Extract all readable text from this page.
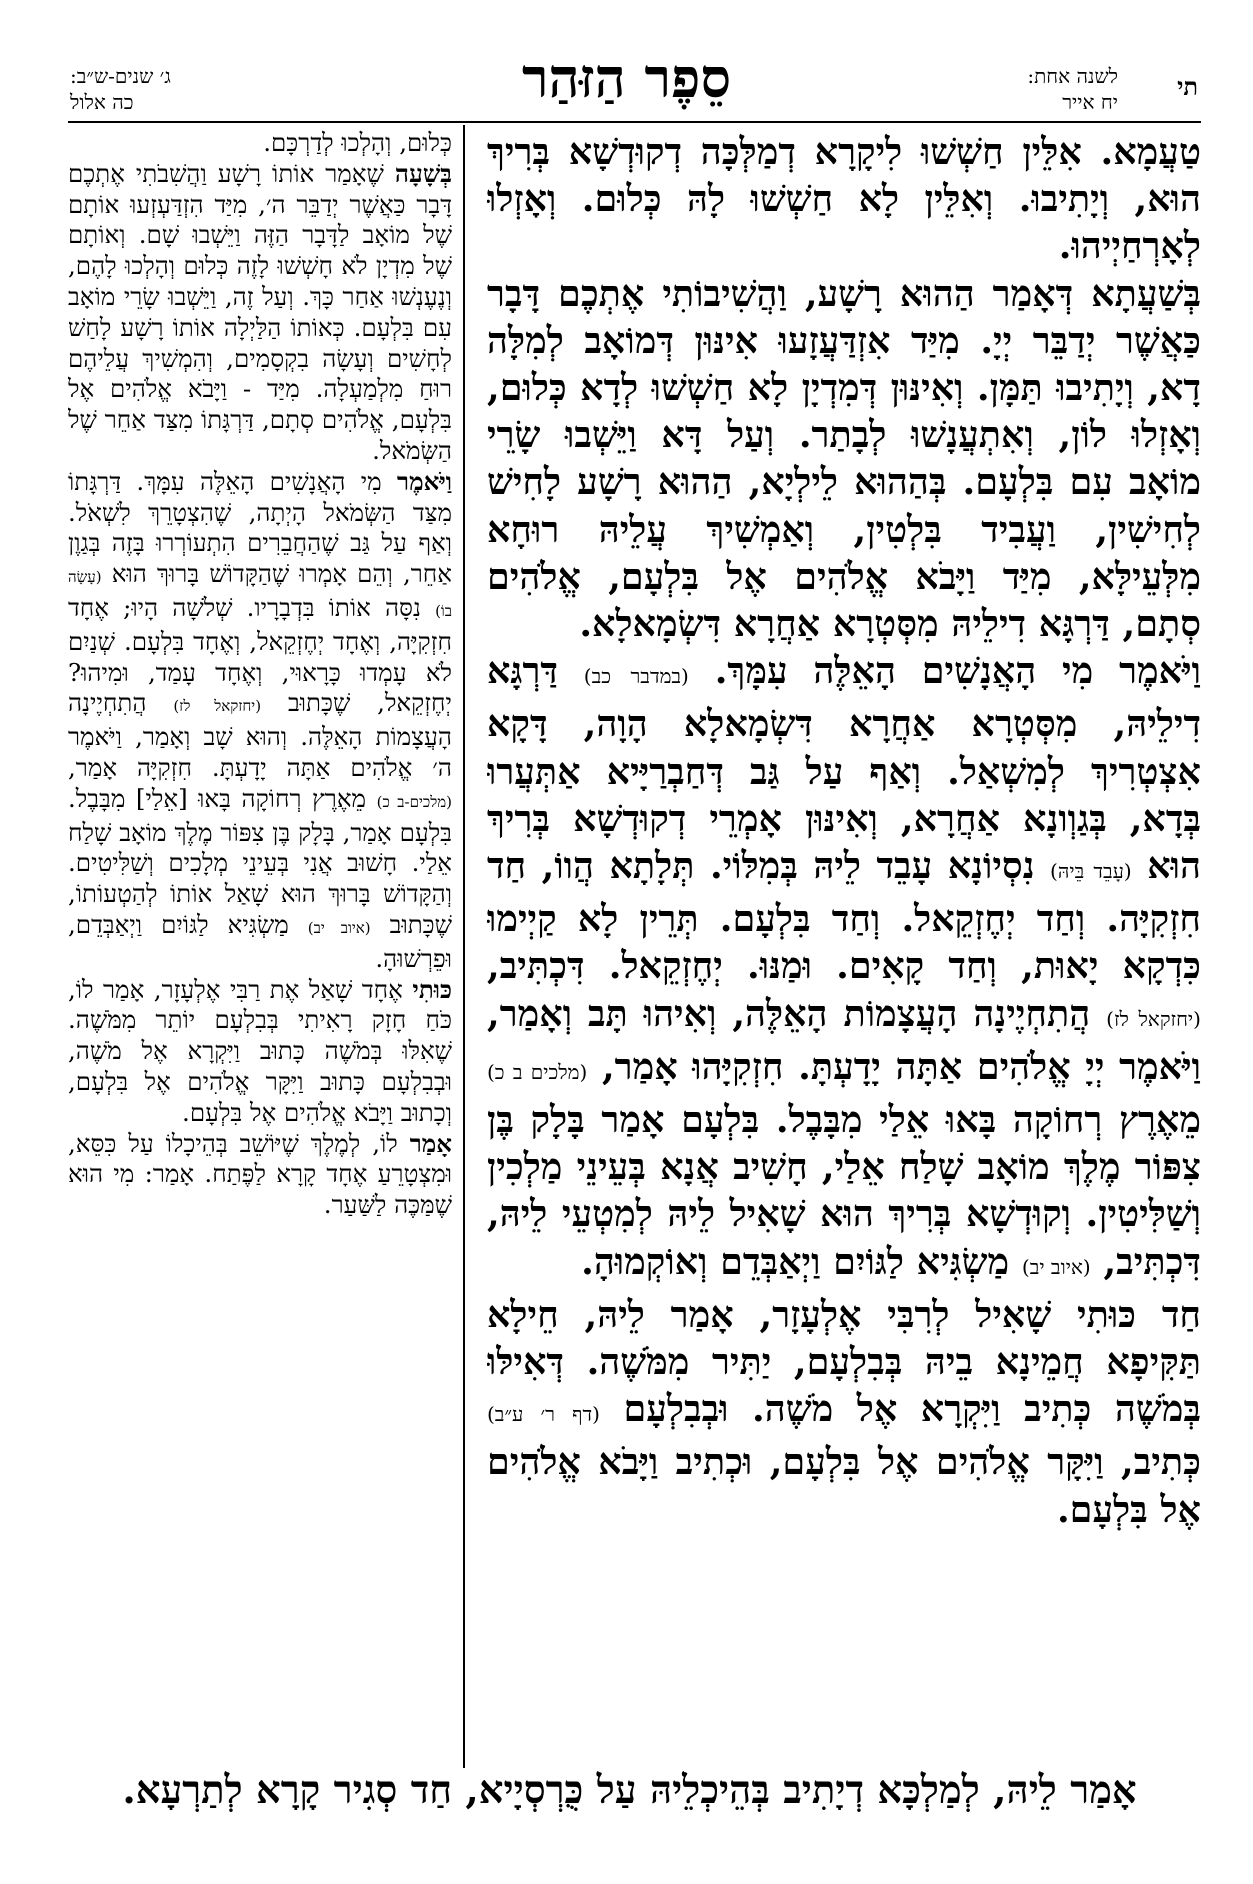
תי
לשנה אחת:
יח אייר
סֵפֶר הַזּהַר
ג׳ שנים-ש״ב:
כה אלול

טַעֲמָא. אִלֵּין חַשְׁשׁוּ לִיקָרָא דְמַלְּכָּה דְקוּדְשָׁא בְּרִיךְ הוּא, וְיָתִיבוּ. וְאִלֵּין לָא חַשְׁשׁוּ לָהּ כְּלוּם. וְאָזְלוּ לְאָרְחַיְיהוּ.

בְּשַׁעֲתָא דְּאָמַר הַהוּא רָשָׁע, וַהֲשִׁיבוֹתִי אֶתְכֶם דָּבָר כַּאֲשֶׁר יְדַבֵּר יְיָ. מִיַּד אִזְדַּעֲזָעוּ אִינּוּן דְּמוֹאָב לְמִלָּה דָא, וְיָתִיבוּ תַּמָּן. וְאִינּוּן דְּמִדְיָן לָא חַשְׁשׁוּ לְדָא כְּלוּם, וְאָזְלוּ לוֹן, וְאִתְעֲנָשׁוּ לְבָתַר. וְעַל דָּא וַיֵּשְׁבוּ שָׂרֵי מוֹאָב עִם בִּלְעָם. בְּהַהוּא לֵילְיָא, הַהוּא רָשָׁע לָחִישׁ לְחִישִׁין, וַעֲבִיד בִּלְטִין, וְאַמְשִׁיךְ עֲלֵיהּ רוּחָא מִלְּעֵילָּא, מִיַּד וַיָּבֹא אֱלֹהִים אֶל בִּלְעָם, אֱלֹהִים סְתָם, דַּרְגָּא דִילֵיהּ מִסְּטְרָא אַחֲרָא דִּשְׂמָאלָא.

וַיֹּאמֶר מִי הָאֲנָשִׁים הָאֵלֶּה עִמָּךְ. (במדבר כב) דַּרְגָּא דִילֵיהּ, מִסְּטְרָא אַחֲרָא דִּשְׂמָאלָא הָוָה, דָּקָא אִצְטְרִיךְ לְמִשְׁאַל. וְאַף עַל גַּב דְּחַבְרַיָּיא אַתְּעֲרוּ בְּדָא, בְּגַוְונָא אַחֲרָא, וְאִינּוּן אָמְרֵי דְקוּדְשָׁא בְּרִיךְ הוּא (עָבֵד בֵּיהּ) נִסְיוֹנָא עָבֵד לֵיהּ בְּמִלּוֹי. תְּלָתָא הֲווֹ, חַד חִזְקִיָּה. וְחַד יְחֶזְקֵאל. וְחַד בִּלְעָם. תְּרֵין לָא קַיְימוּ כִּדְקָא יָאוּת, וְחַד קָאִים. וּמַנּוּ. יְחֶזְקֵאל. דִּכְתִּיב, (יחזקאל לז) הֲתִחְיֶינָה הָעֲצָמוֹת הָאֵלֶּה, וְאִיהוּ תָּב וְאָמַר, וַיֹּאמֶר יְיָ אֱלֹהִים אַתָּה יָדָעְתָּ. חִזְקִיָּהוּ אָמַר, (מלכים ב כ) מֵאֶרֶץ רְחוֹקָה בָּאוּ אֵלַי מִבָּבֶל. בִּלְעָם אָמַר בָּלָק בֶּן צִפּוֹר מֶלֶךְ מוֹאָב שָׁלַח אֵלַי, חָשִׁיב אֲנָא בְּעֵינֵי מַלְכִין וְשַׁלִּיטִין. וְקוּדְשָׁא בְּרִיךְ הוּא שָׁאִיל לֵיהּ לְמִטְעֵי לֵיהּ, דִּכְתִּיב, (איוב יב) מַשְׂגִּיא לַגּוֹיִם וַיְאַבְּדֵם וְאוֹקְמוּהָ.

חַד כּוּתִי שָׁאִיל לְרִבִּי אֶלְעָזָר, אָמַר לֵיהּ, חֵילָא תַּקִּיפָא חֲמֵינָא בֵיהּ בְּבִלְעָם, יַתִּיר מִמֹּשֶׁה. דְּאִילּוּ בְּמֹשֶׁה כְּתִיב וַיִּקְרָא אֶל מֹשֶׁה. וּבְבִלְעָם (דף ר׳ ע״ב) כְּתִיב, וַיִּקָּר אֱלֹהִים אֶל בִּלְעָם, וּכְתִיב וַיָּבֹא אֱלֹהִים אֶל בִּלְעָם.

כְּלוּם, וְהָלְכוּ לְדַרְכָּם.

בְּשָׁעָה שֶׁאָמַר אוֹתוֹ רָשָׁע וַהֲשִׁבֹתִי אֶתְכֶם דָּבָר כַּאֲשֶׁר יְדַבֵּר ה׳, מִיַּד הִזְדַּעְזְעוּ אוֹתָם שֶׁל מוֹאָב לַדָּבָר הַזֶּה וַיֵּשְׁבוּ שָׁם. וְאוֹתָם שֶׁל מִדְיָן לֹא חָשְׁשׁוּ לָזֶה כְּלוּם וְהָלְכוּ לָהֶם, וְנֶעֶנְשׁוּ אַחַר כָּךְ. וְעַל זֶה, וַיֵּשְׁבוּ שָׂרֵי מוֹאָב עִם בִּלְעָם. כְּאוֹתוֹ הַלַּיְלָה אוֹתוֹ רָשָׁע לָחַשׁ לְחָשִׁים וְעָשָׂה בִקְסָמִים, וְהִמְשִׁיךְ עֲלֵיהֶם רוּחַ מִלְמַעְלָה. מִיַּד - וַיָּבֹא אֱלֹהִים אֶל בִּלְעָם, אֱלֹהִים סְתָם, דַּרְגָּתוֹ מִצַּד אַחֵר שֶׁל הַשְּׂמֹאל.

וַיֹּאמֶר מִי הָאֲנָשִׁים הָאֵלֶּה עִמָּךְ. דַּרְגָּתוֹ מִצַּד הַשְּׂמֹאל הָיְתָה, שֶׁהִצְטָרֵךְ לִשְׁאֹל. וְאַף עַל גַּב שֶׁהַחֲבֵרִים הִתְעוֹרְרוּ בָּזֶה בְּגַוֶן אַחֵר, וְהֵם אָמְרוּ שֶׁהַקָּדוֹשׁ בָּרוּךְ הוּא (עָשָׂה בוֹ) נִסָּה אוֹתוֹ בִּדְבָרָיו. שְׁלֹשָׁה הָיוּ; אֶחָד חִזְקִיָּה, וְאֶחָד יְחֶזְקֵאל, וְאֶחָד בִּלְעָם. שְׁנַיִם לֹא עָמְדוּ כָּרָאוּי, וְאֶחָד עָמַד, וּמִיהוּ? יְחֶזְקֵאל, שֶׁכָּתוּב (יחזקאל לז) הֲתִחְיֶינָה הָעֲצָמוֹת הָאֵלֶּה. וְהוּא שָׁב וְאָמַר, וַיֹּאמֶר ה׳ אֱלֹהִים אַתָּה יָדָעְתָּ. חִזְקִיָּה אָמַר, (מלכים-ב כ) מֵאֶרֶץ רְחוֹקָה בָּאוּ [אֵלַי] מִבָּבֶל. בִּלְעָם אָמַר, בָּלָק בֶּן צִפּוֹר מֶלֶךְ מוֹאָב שָׁלַח אֵלַי. חָשׁוּב אֲנִי בְּעֵינֵי מְלָכִים וְשַׁלִּיטִים. וְהַקָּדוֹשׁ בָּרוּךְ הוּא שָׁאַל אוֹתוֹ לְהַטְעוֹתוֹ, שֶׁכָּתוּב (איוב יב) מַשְׂגִּיא לַגּוֹיִם וַיְאַבְּדֵם, וּפֵרְשׁוּהָ.

כּוּתִי אֶחָד שָׁאַל אֶת רַבִּי אֶלְעָזָר, אָמַר לוֹ, כֹּחַ חָזָק רָאִיתִי בְּבִלְעָם יוֹתֵר מִמֹּשֶׁה. שֶׁאִלּוּ בְּמֹשֶׁה כָּתוּב וַיִּקְרָא אֶל מֹשֶׁה, וּבְבִלְעָם כָּתוּב וַיִּקָּר אֱלֹהִים אֶל בִּלְעָם, וְכָתוּב וַיָּבֹא אֱלֹהִים אֶל בִּלְעָם.

אָמַר לוֹ, לְמֶלֶךְ שֶׁיּוֹשֵׁב בְּהֵיכָלוֹ עַל כִּסֵּא, וּמִצְטָרֵעַ אֶחָד קָרָא לַפֶּתַח. אָמַר: מִי הוּא שֶׁמַּכֶּה לַשַּׁעַר.

אָמַר לֵיהּ, לְמַלְכָּא דְיָתִיב בְּהֵיכְלֵיהּ עַל כֻּרְסְיָיא, חַד סְגִיר קָרָא לְתַרְעָא.
